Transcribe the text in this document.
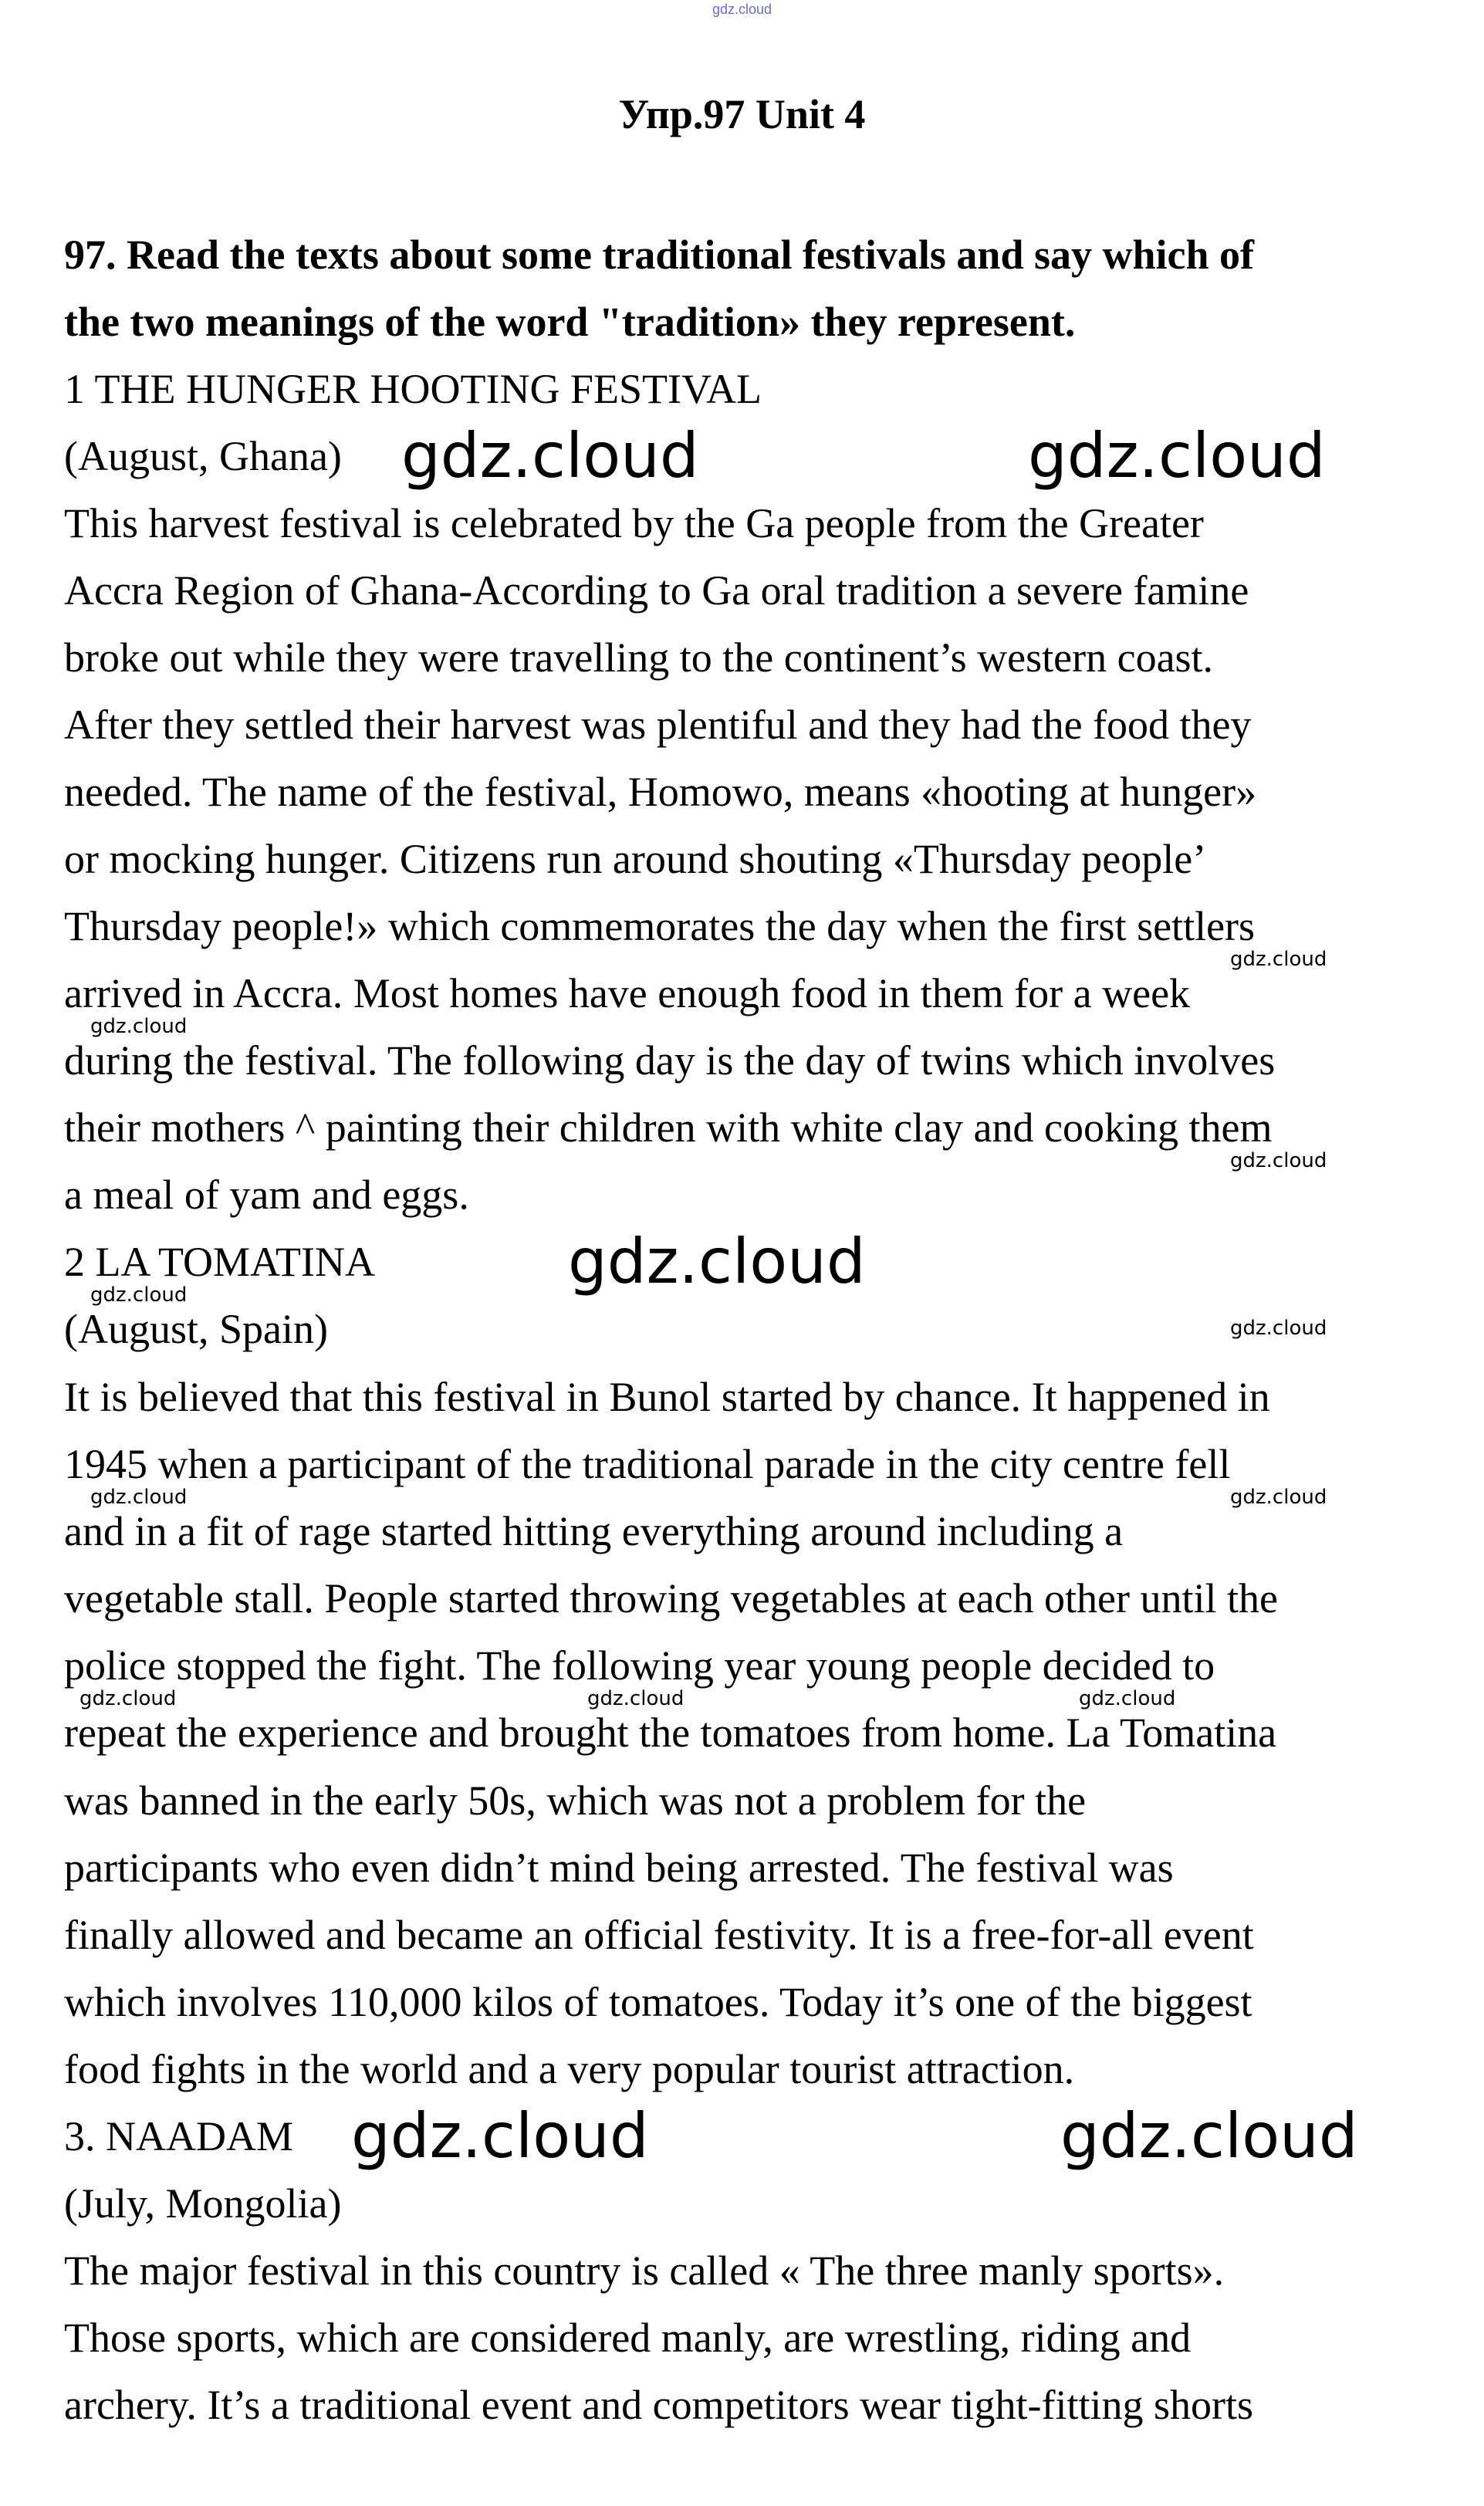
gdz.cloud
Упр.97 Unit 4
97. Read the texts about some traditional festivals and say which of
the two meanings of the word "tradition» they represent.
1 THE HUNGER HOOTING FESTIVAL
(August, Ghana)
This harvest festival is celebrated by the Ga people from the Greater
Accra Region of Ghana-According to Ga oral tradition a severe famine
broke out while they were travelling to the continent’s western coast.
After they settled their harvest was plentiful and they had the food they
needed. The name of the festival, Homowo, means «hooting at hunger»
or mocking hunger. Citizens run around shouting «Thursday people’
Thursday people!» which commemorates the day when the first settlers
arrived in Accra. Most homes have enough food in them for a week
during the festival. The following day is the day of twins which involves
their mothers ^ painting their children with white clay and cooking them
a meal of yam and eggs.
2 LA TOMATINA
(August, Spain)
It is believed that this festival in Bunol started by chance. It happened in
1945 when a participant of the traditional parade in the city centre fell
and in a fit of rage started hitting everything around including a
vegetable stall. People started throwing vegetables at each other until the
police stopped the fight. The following year young people decided to
repeat the experience and brought the tomatoes from home. La Tomatina
was banned in the early 50s, which was not a problem for the
participants who even didn’t mind being arrested. The festival was
finally allowed and became an official festivity. It is a free-for-all event
which involves 110,000 kilos of tomatoes. Today it’s one of the biggest
food fights in the world and a very popular tourist attraction.
3. NAADAM
(July, Mongolia)
The major festival in this country is called « The three manly sports».
Those sports, which are considered manly, are wrestling, riding and
archery. It’s a traditional event and competitors wear tight-fitting shorts
gdz.cloud	gdz.cloud
gdz.cloud
gdz.cloud
gdz.cloud
gdz.cloud
gdz.cloud
gdz.cloud
gdz.cloud	gdz.cloud
gdz.cloud	gdz.cloud	gdz.cloud
gdz.cloud	gdz.cloud
